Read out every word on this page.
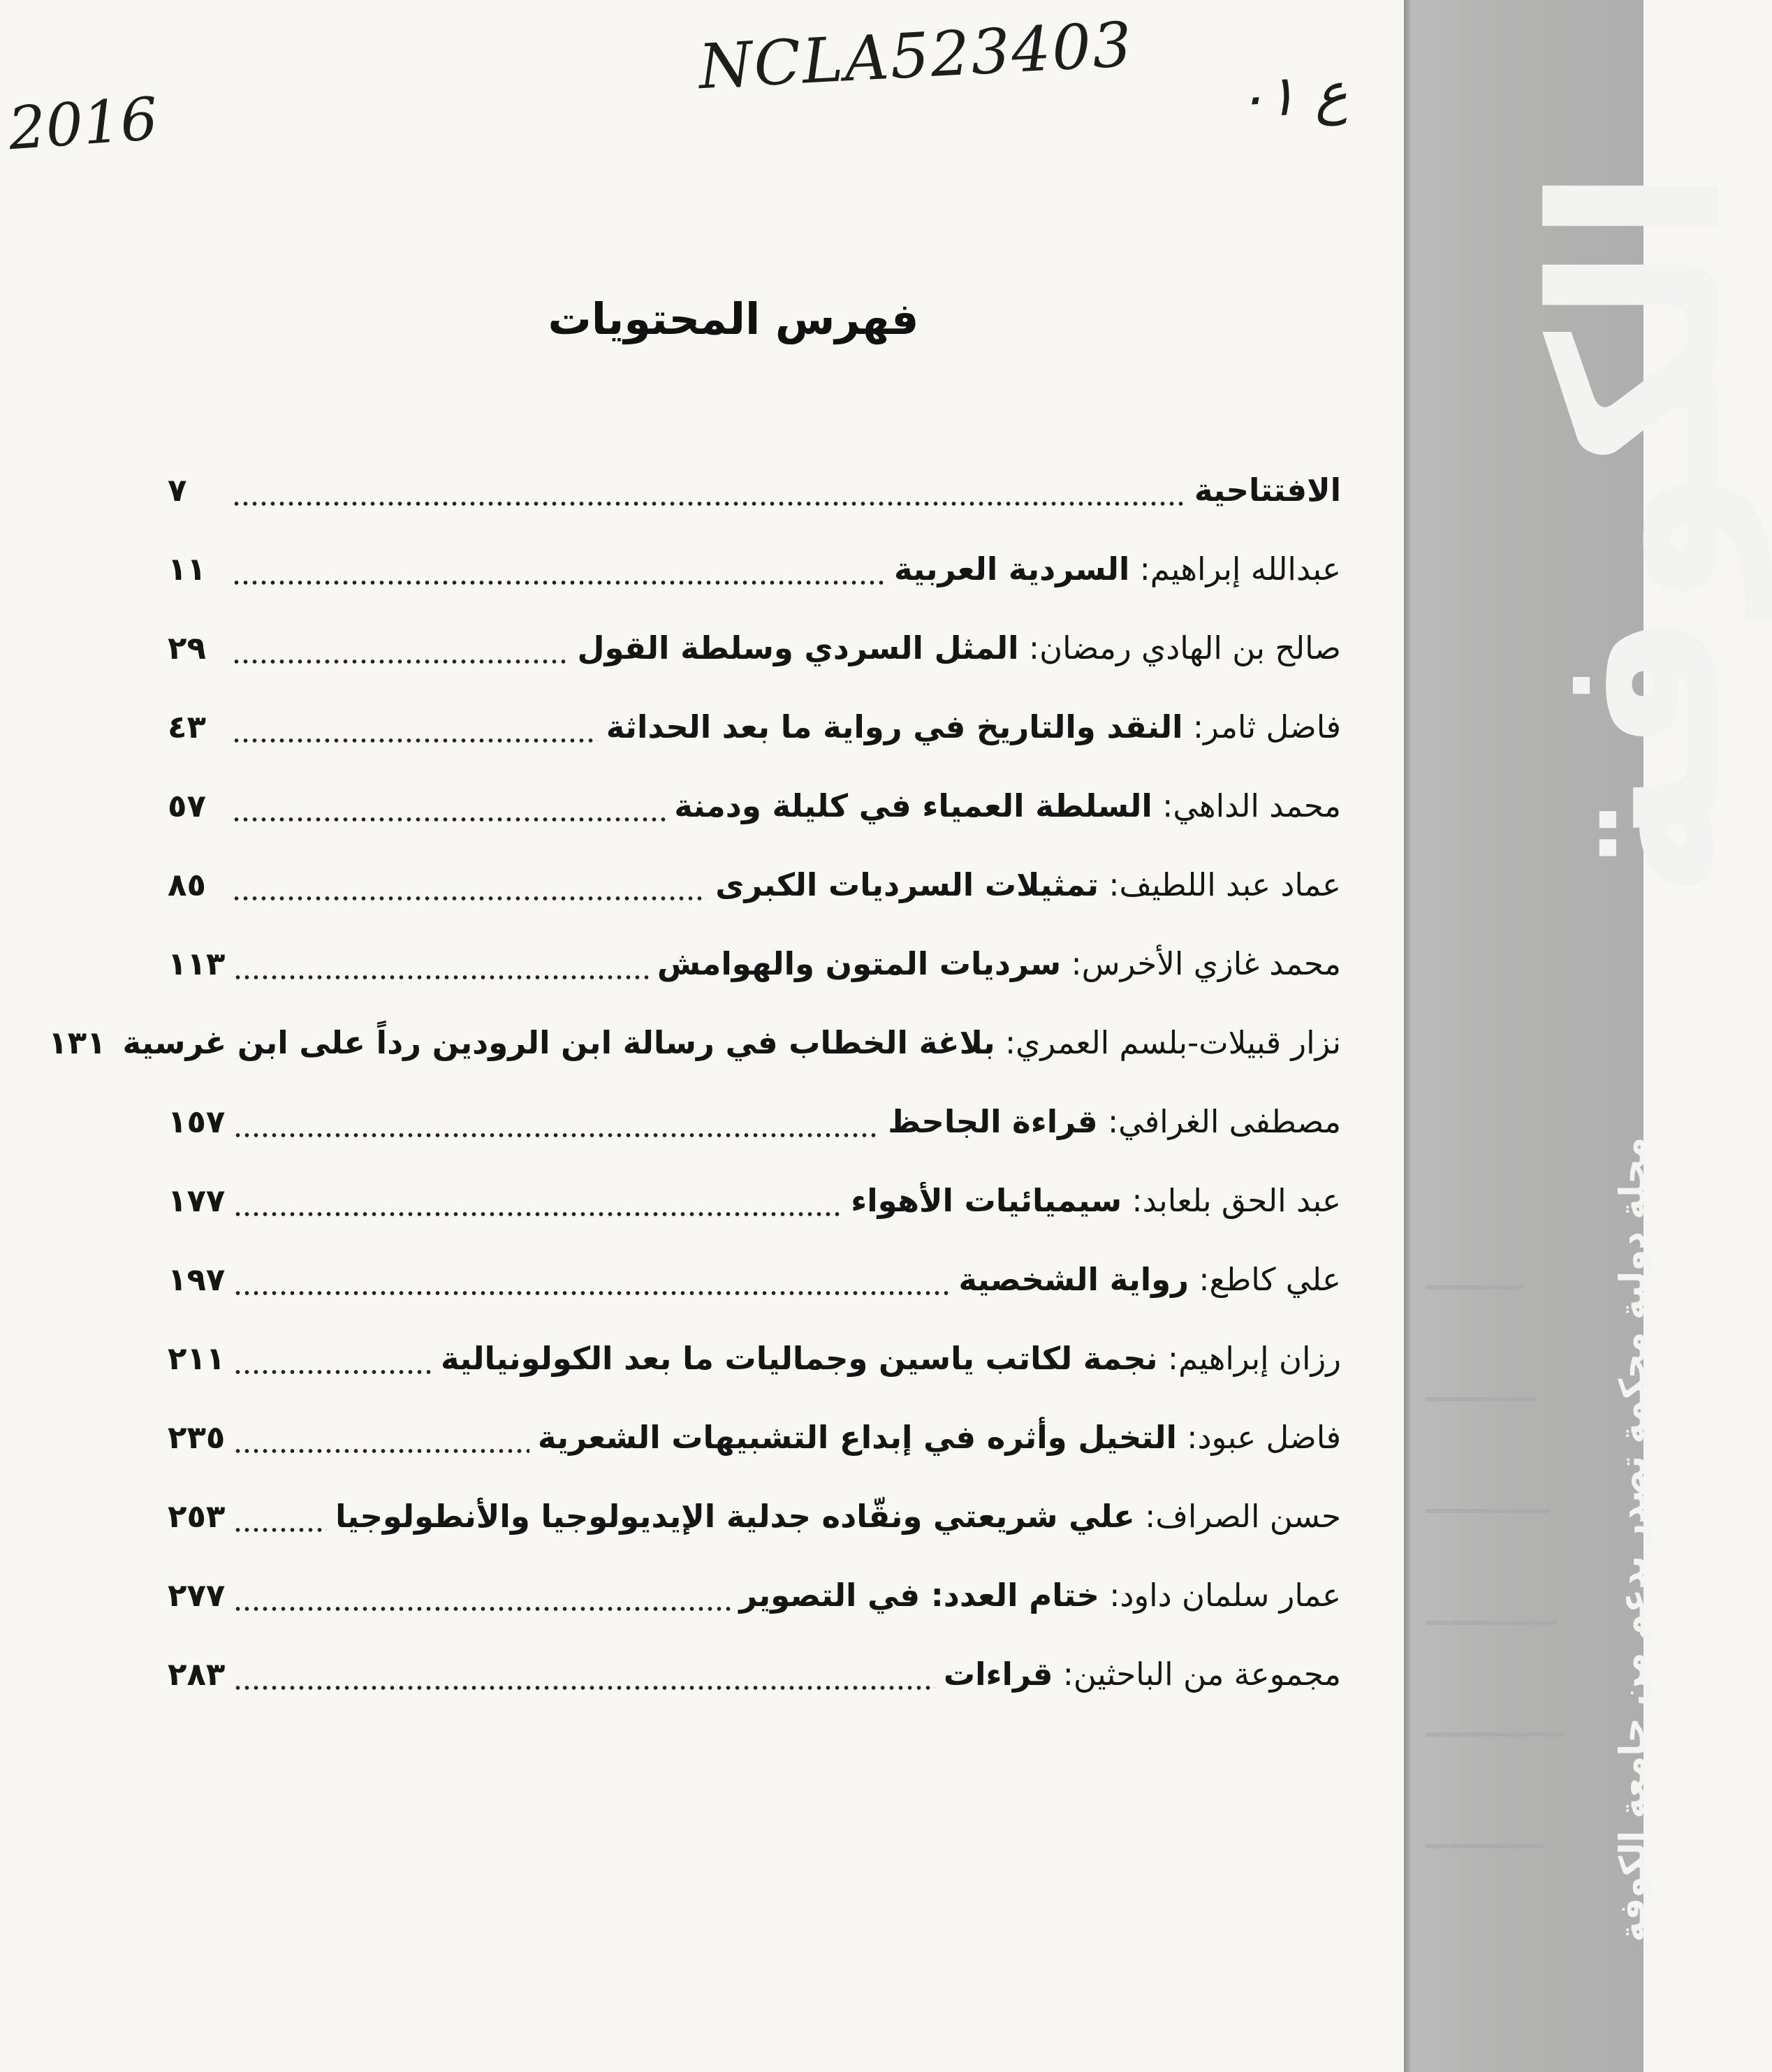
الكوفة
مجلة دولية محكمة تصدر بدعم من جامعة الكوفة
2016
NCLA523403 ع ۰۱
فهرس المحتويات
الافتتاحية
٧
عبدالله إبراهيم: السردية العربية
١١
صالح بن الهادي رمضان: المثل السردي وسلطة القول
٢٩
فاضل ثامر: النقد والتاريخ في رواية ما بعد الحداثة
٤٣
محمد الداهي: السلطة العمياء في كليلة ودمنة
٥٧
عماد عبد اللطيف: تمثيلات السرديات الكبرى
٨٥
محمد غازي الأخرس: سرديات المتون والهوامش
١١٣
نزار قبيلات-بلسم العمري: بلاغة الخطاب في رسالة ابن الرودين رداً على ابن غرسية
١٣١
مصطفى الغرافي: قراءة الجاحظ
١٥٧
عبد الحق بلعابد: سيميائيات الأهواء
١٧٧
علي كاطع: رواية الشخصية
١٩٧
رزان إبراهيم: نجمة لكاتب ياسين وجماليات ما بعد الكولونيالية
٢١١
فاضل عبود: التخيل وأثره في إبداع التشبيهات الشعرية
٢٣٥
حسن الصراف: علي شريعتي ونقّاده جدلية الإيديولوجيا والأنطولوجيا
٢٥٣
عمار سلمان داود: ختام العدد: في التصوير
٢٧٧
مجموعة من الباحثين: قراءات
٢٨٣
